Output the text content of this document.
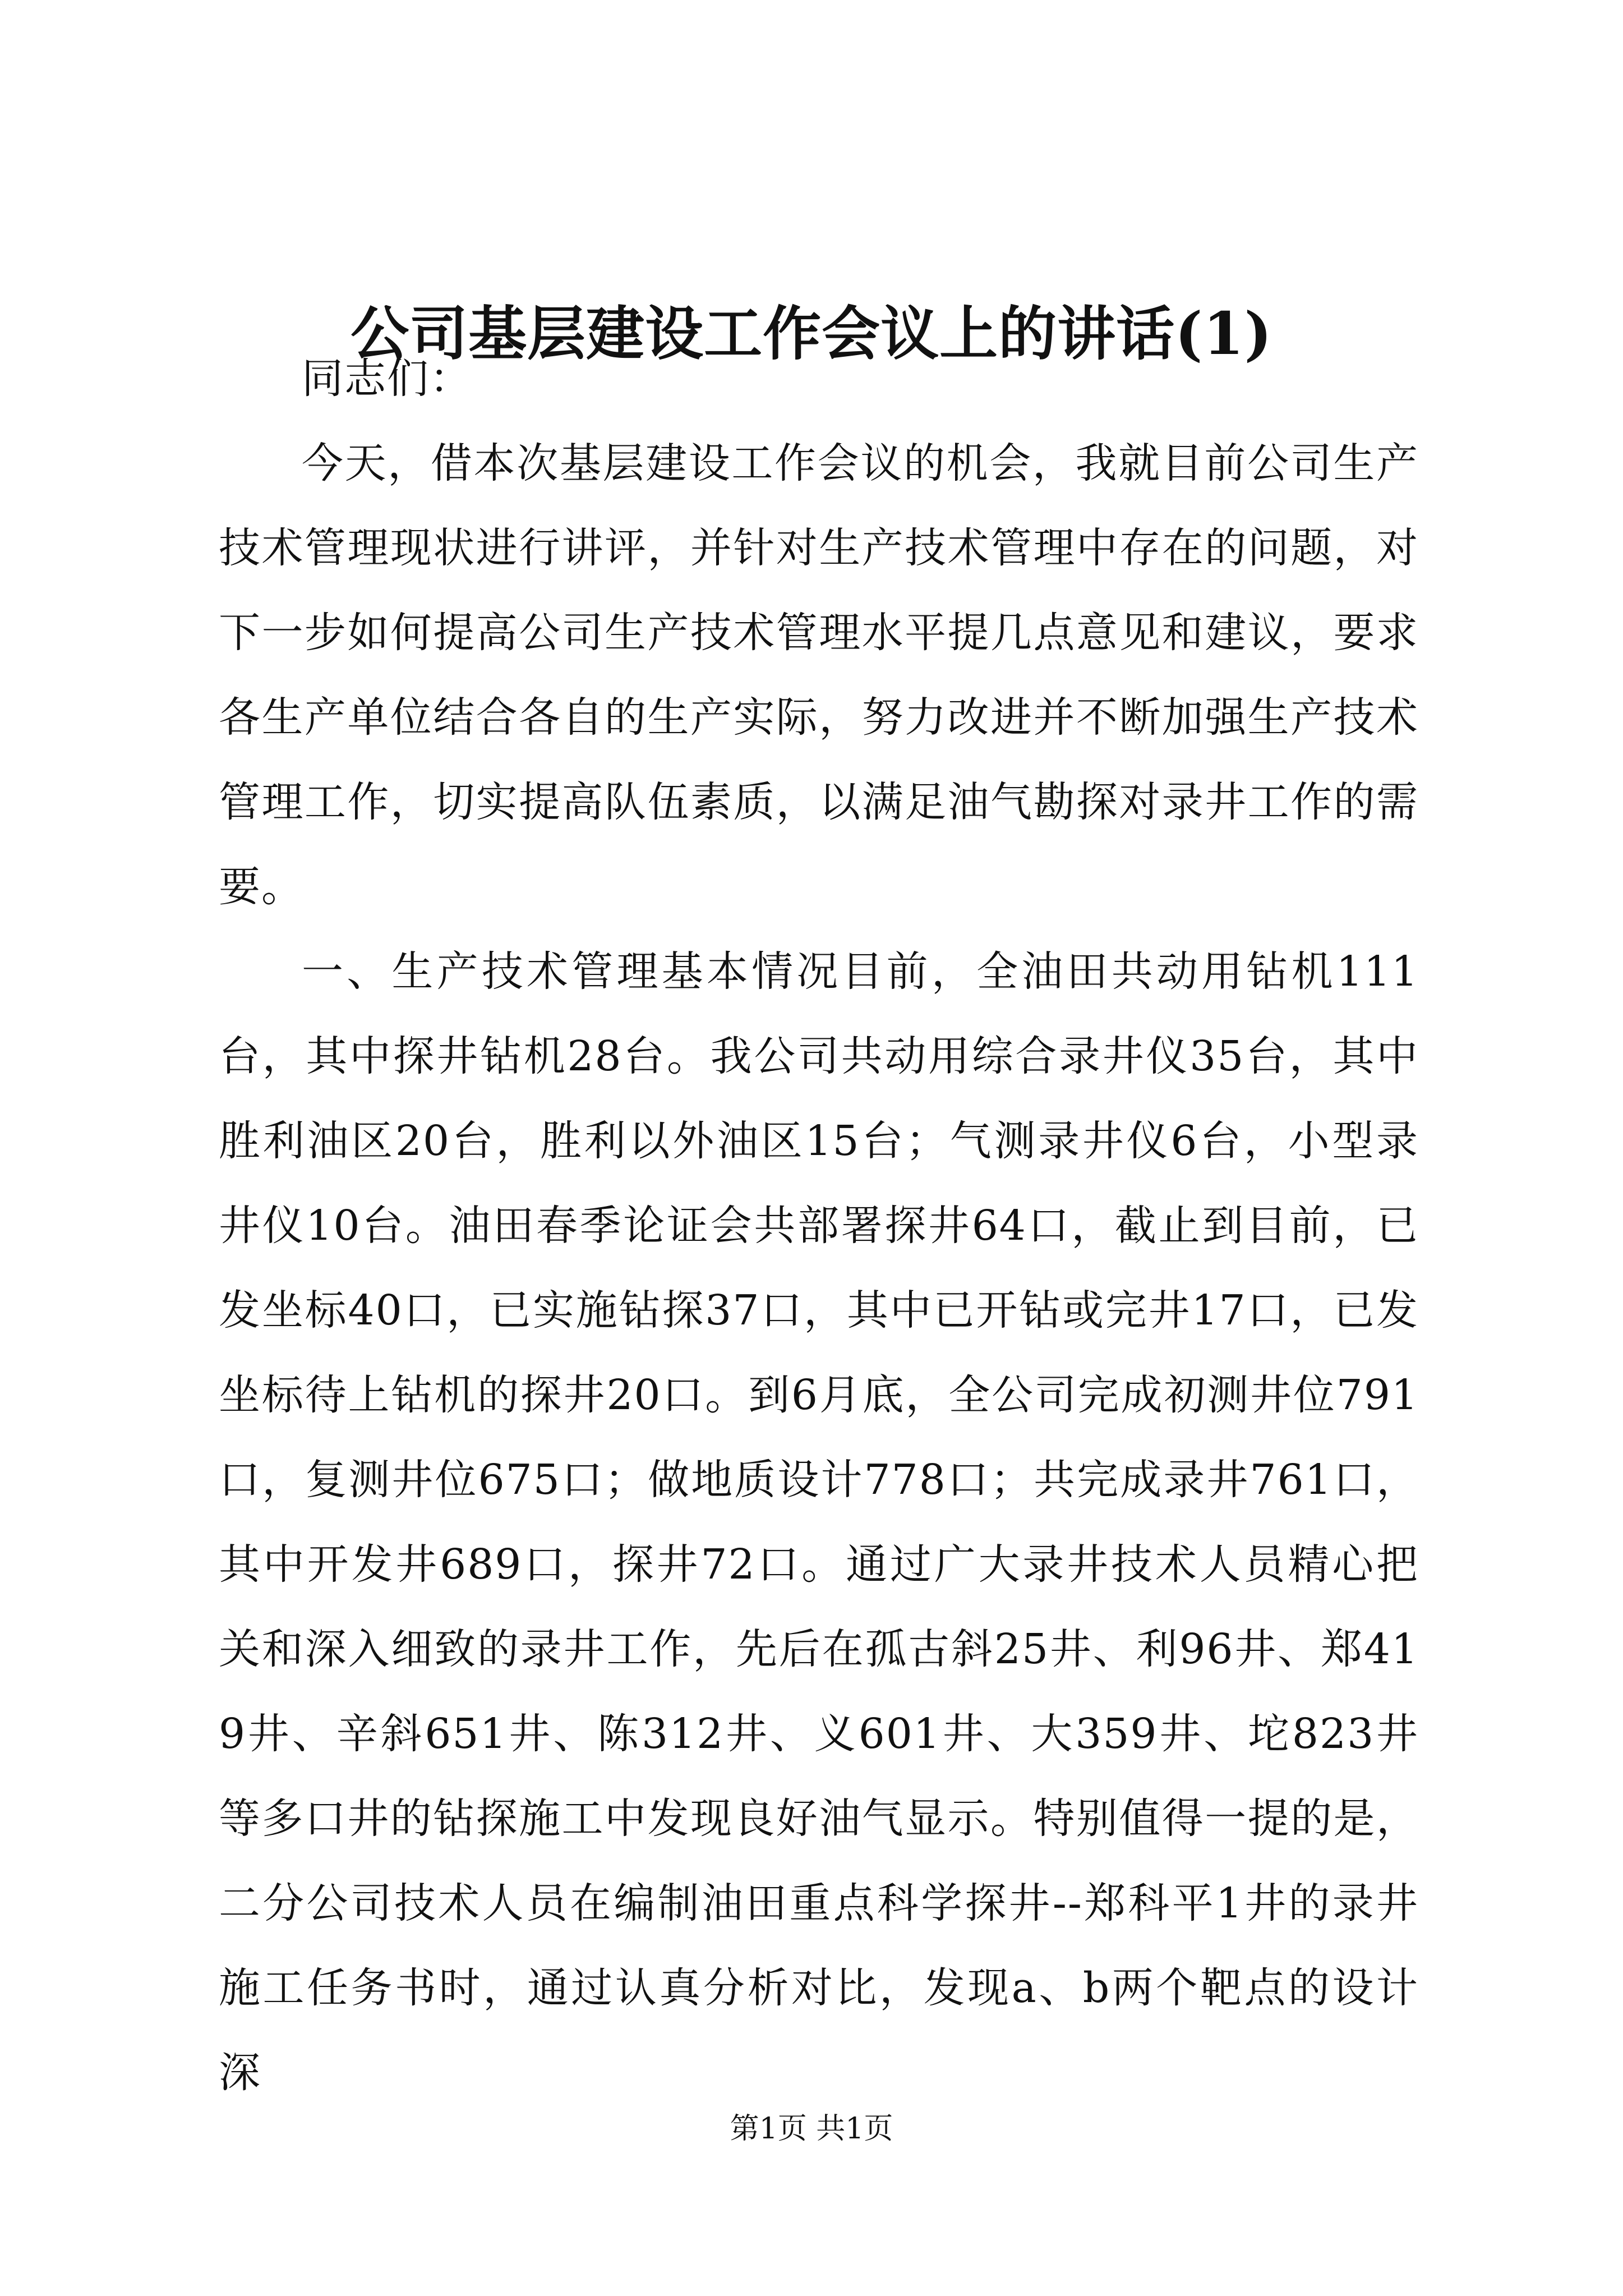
公司基层建设工作会议上的讲话(1)

同志们：

今天，借本次基层建设工作会议的机会，我就目前公司生产技术管理现状进行讲评，并针对生产技术管理中存在的问题，对下一步如何提高公司生产技术管理水平提几点意见和建议，要求各生产单位结合各自的生产实际，努力改进并不断加强生产技术管理工作，切实提高队伍素质，以满足油气勘探对录井工作的需要。

一、生产技术管理基本情况目前，全油田共动用钻机111台，其中探井钻机28台。我公司共动用综合录井仪35台，其中胜利油区20台，胜利以外油区15台；气测录井仪6台，小型录井仪10台。油田春季论证会共部署探井64口，截止到目前，已发坐标40口，已实施钻探37口，其中已开钻或完井17口，已发坐标待上钻机的探井20口。到6月底，全公司完成初测井位791口，复测井位675口；做地质设计778口；共完成录井761口，其中开发井689口，探井72口。通过广大录井技术人员精心把关和深入细致的录井工作，先后在孤古斜25井、利96井、郑419井、辛斜651井、陈312井、义601井、大359井、坨823井等多口井的钻探施工中发现良好油气显示。特别值得一提的是，二分公司技术人员在编制油田重点科学探井--郑科平1井的录井施工任务书时，通过认真分析对比，发现a、b两个靶点的设计深

第1页 共1页
